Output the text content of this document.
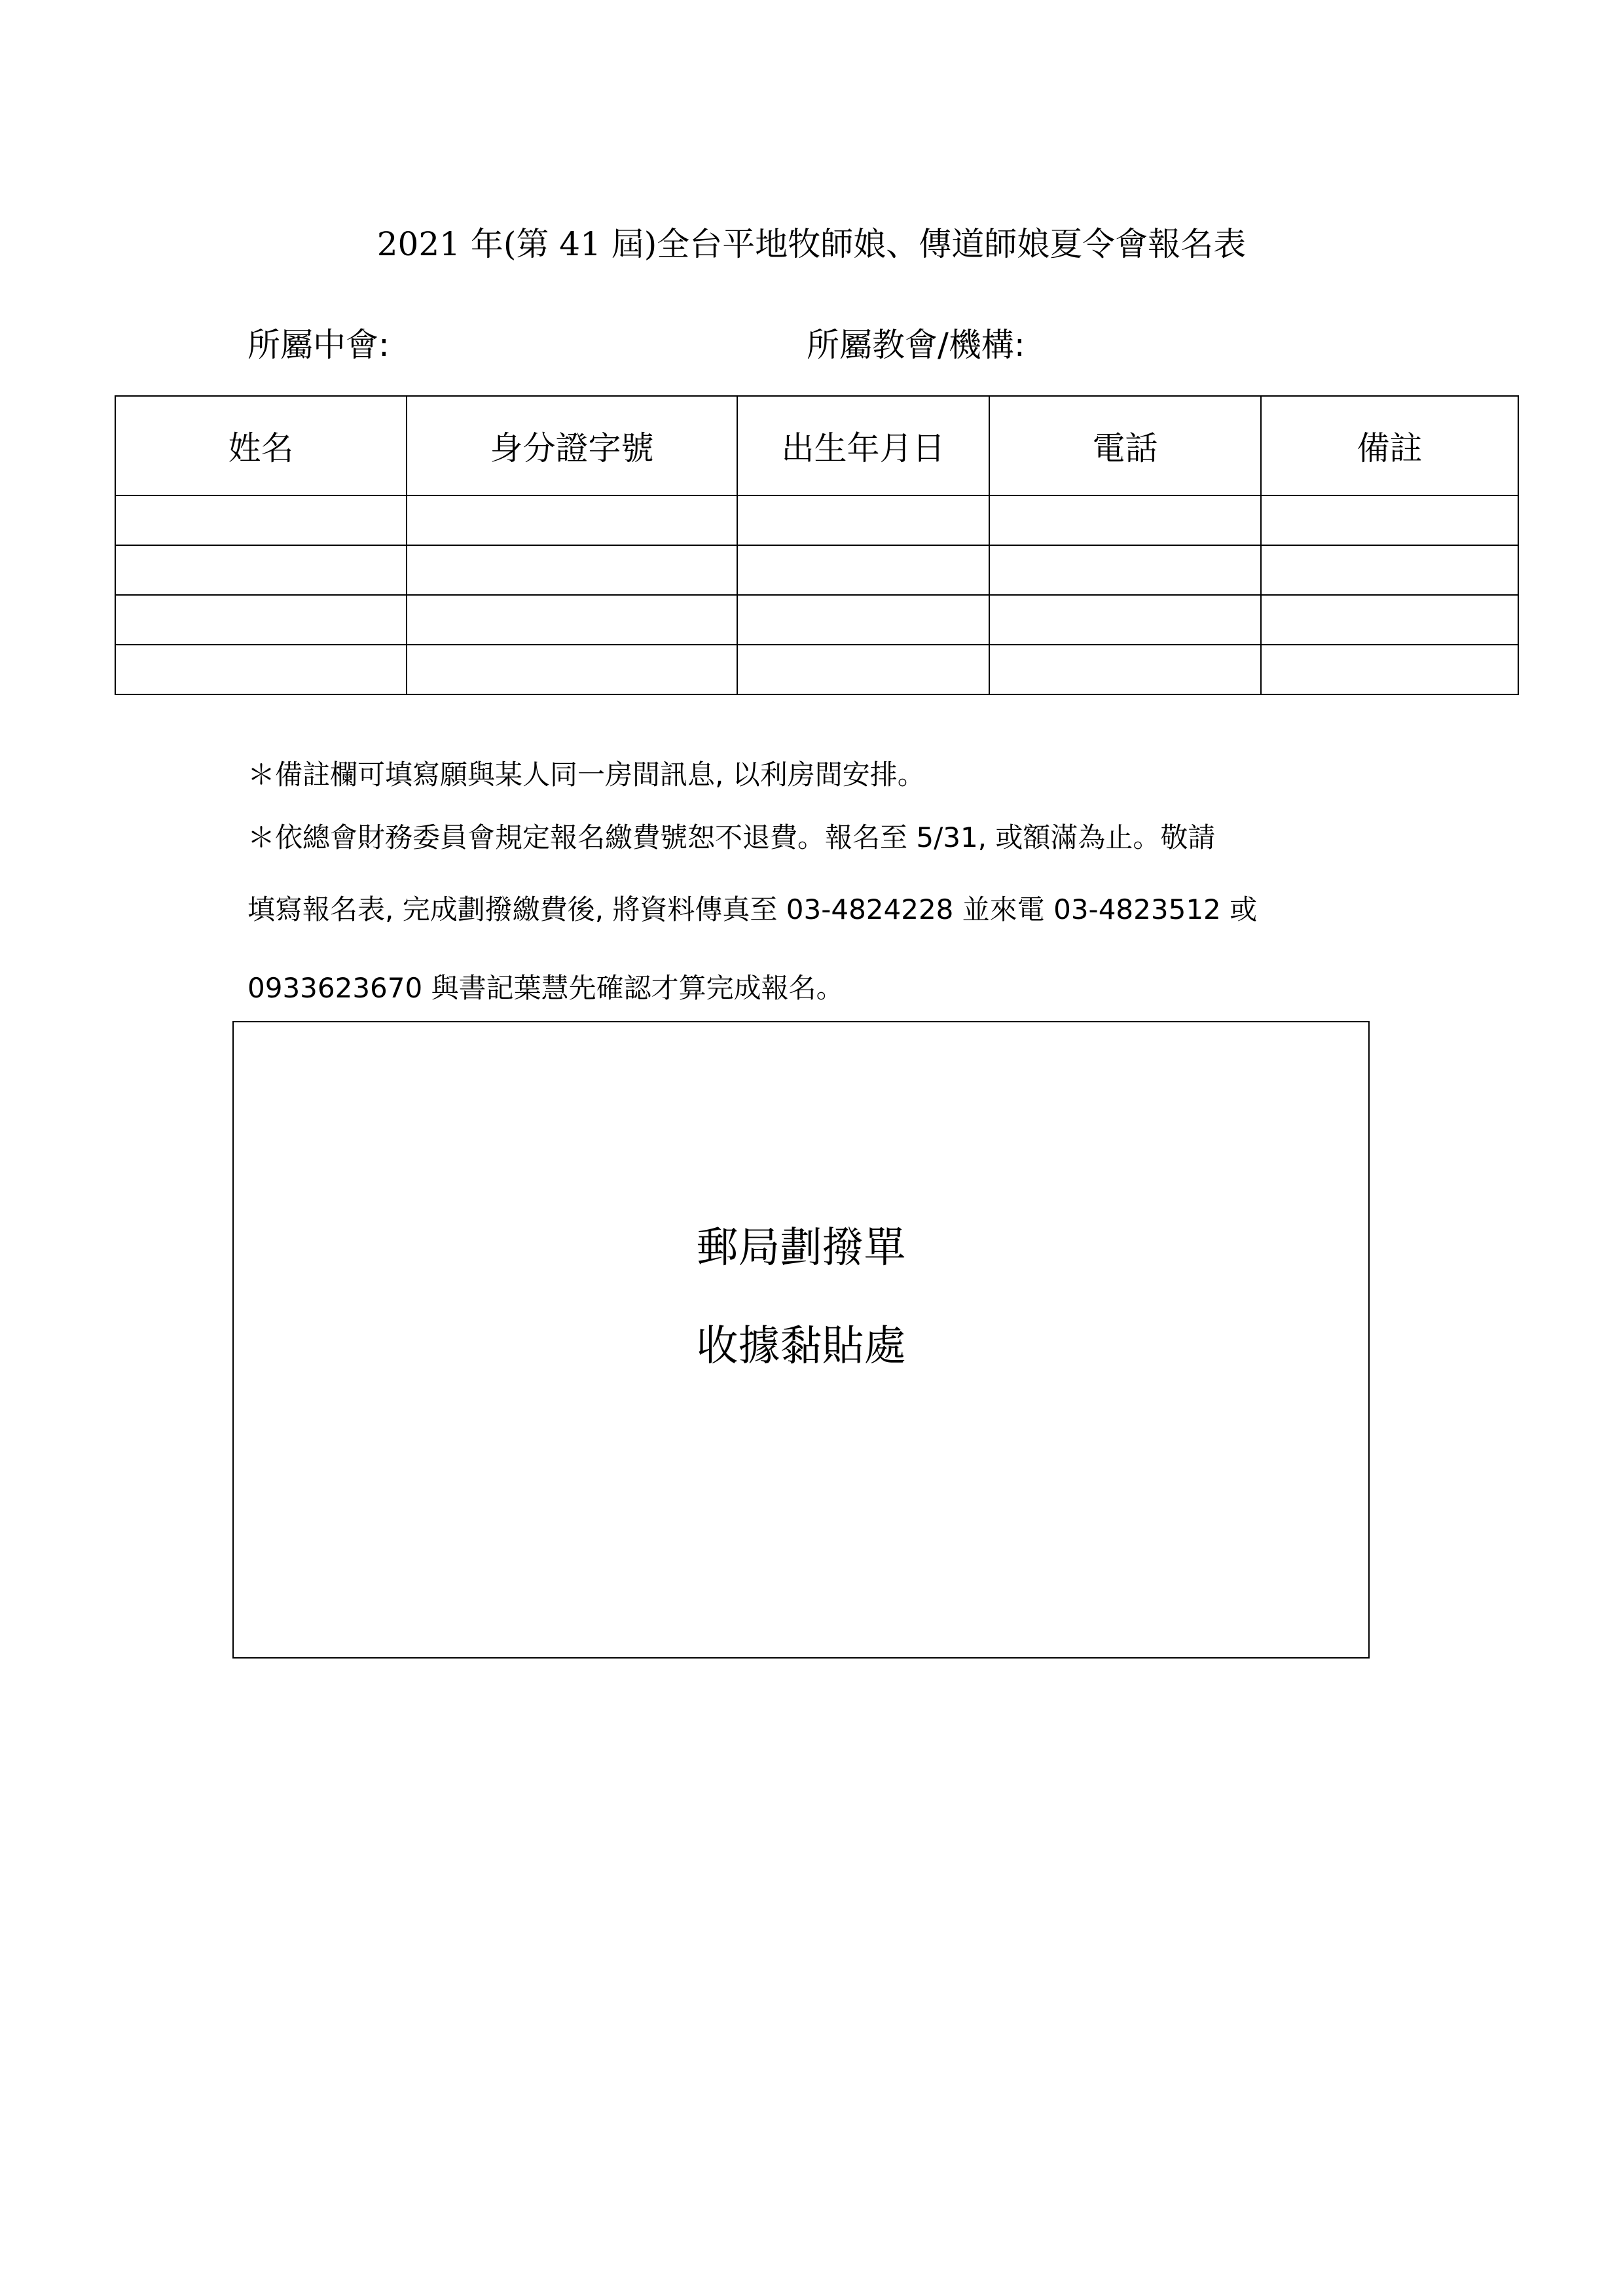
2021 年(第 41 屆)全台平地牧師娘、傳道師娘夏令會報名表
所屬中會:	所屬教會/機構:
姓名	身分證字號	出生年月日	電話	備註

＊備註欄可填寫願與某人同一房間訊息, 以利房間安排。
＊依總會財務委員會規定報名繳費號恕不退費。報名至 5/31, 或額滿為止。敬請
填寫報名表, 完成劃撥繳費後, 將資料傳真至 03-4824228 並來電 03-4823512 或
0933623670 與書記葉慧先確認才算完成報名。
郵局劃撥單
收據黏貼處
